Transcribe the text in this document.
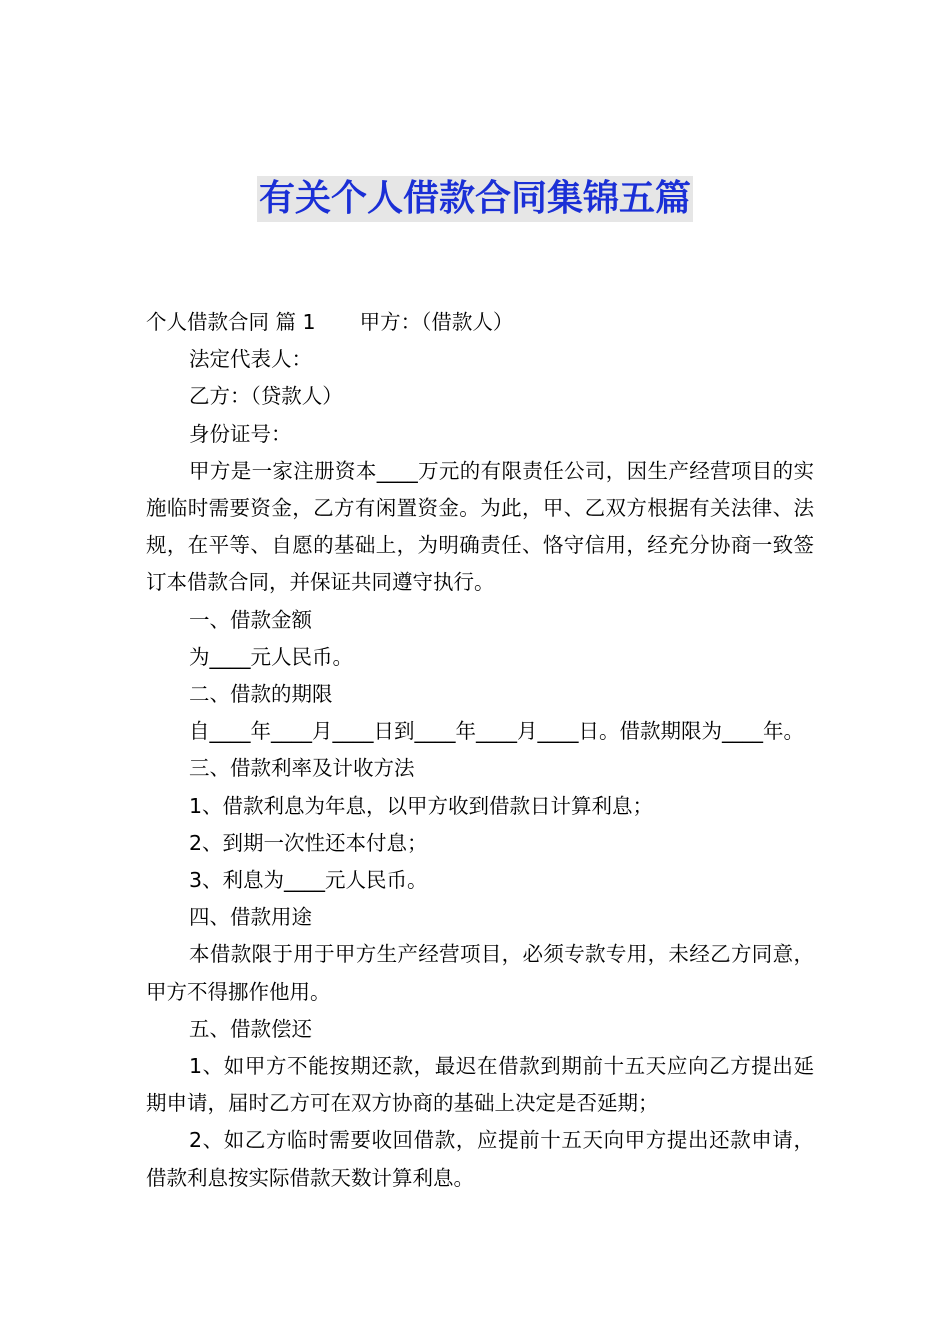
有关个人借款合同集锦五篇

个人借款合同 篇 1 甲方：（借款人）

法定代表人：

乙方：（贷款人）

身份证号：

甲方是一家注册资本____万元的有限责任公司，因生产经营项目的实施临时需要资金，乙方有闲置资金。为此，甲、乙双方根据有关法律、法规，在平等、自愿的基础上，为明确责任、恪守信用，经充分协商一致签订本借款合同，并保证共同遵守执行。

一、借款金额

为____元人民币。

二、借款的期限

自____年____月____日到____年____月____日。借款期限为____年。

三、借款利率及计收方法

1、借款利息为年息，以甲方收到借款日计算利息；

2、到期一次性还本付息；

3、利息为____元人民币。

四、借款用途

本借款限于用于甲方生产经营项目，必须专款专用，未经乙方同意，甲方不得挪作他用。

五、借款偿还

1、如甲方不能按期还款，最迟在借款到期前十五天应向乙方提出延期申请，届时乙方可在双方协商的基础上决定是否延期；

2、如乙方临时需要收回借款，应提前十五天向甲方提出还款申请，借款利息按实际借款天数计算利息。
